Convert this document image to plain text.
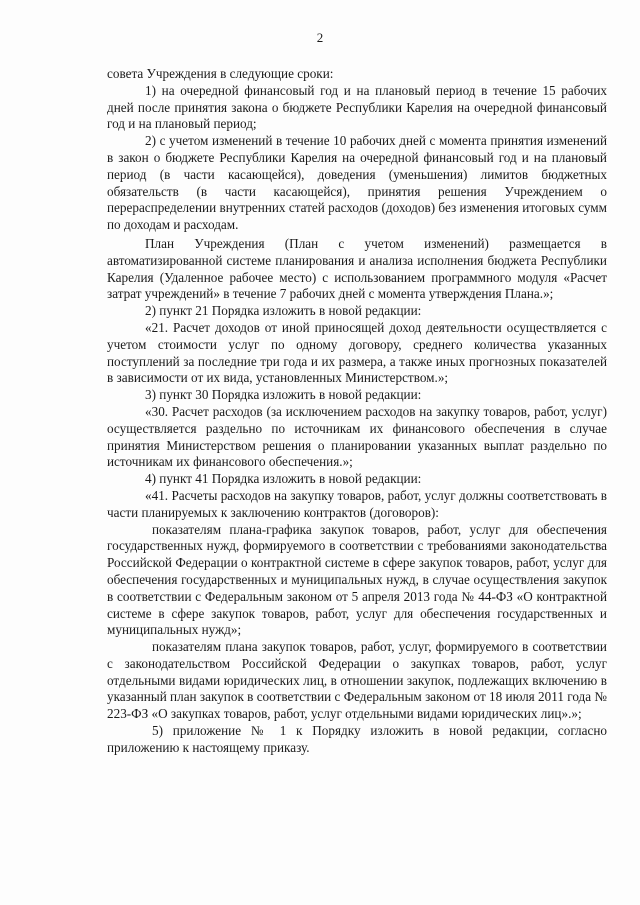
2

совета Учреждения в следующие сроки:

1) на очередной финансовый год и на плановый период в течение 15 рабочих дней после принятия закона о бюджете Республики Карелия на очередной финансовый год и на плановый период;

2) с учетом изменений в течение 10 рабочих дней с момента принятия изменений в закон о бюджете Республики Карелия на очередной финансовый год и на плановый период (в части касающейся), доведения (уменьшения) лимитов бюджетных обязательств (в части касающейся), принятия решения Учреждением о перераспределении внутренних статей расходов (доходов) без изменения итоговых сумм по доходам и расходам.

План Учреждения (План с учетом изменений) размещается в автоматизированной системе планирования и анализа исполнения бюджета Республики Карелия (Удаленное рабочее место) с использованием программного модуля «Расчет затрат учреждений» в течение 7 рабочих дней с момента утверждения Плана.»;

2) пункт 21 Порядка изложить в новой редакции:

«21. Расчет доходов от иной приносящей доход деятельности осуществляется с учетом стоимости услуг по одному договору, среднего количества указанных поступлений за последние три года и их размера, а также иных прогнозных показателей в зависимости от их вида, установленных Министерством.»;

3) пункт 30 Порядка изложить в новой редакции:

«30. Расчет расходов (за исключением расходов на закупку товаров, работ, услуг) осуществляется раздельно по источникам их финансового обеспечения в случае принятия Министерством решения о планировании указанных выплат раздельно по источникам их финансового обеспечения.»;

4) пункт 41 Порядка изложить в новой редакции:

«41. Расчеты расходов на закупку товаров, работ, услуг должны соответствовать в части планируемых к заключению контрактов (договоров):

показателям плана-графика закупок товаров, работ, услуг для обеспечения государственных нужд, формируемого в соответствии с требованиями законодательства Российской Федерации о контрактной системе в сфере закупок товаров, работ, услуг для обеспечения государственных и муниципальных нужд, в случае осуществления закупок в соответствии с Федеральным законом от 5 апреля 2013 года № 44-ФЗ «О контрактной системе в сфере закупок товаров, работ, услуг для обеспечения государственных и муниципальных нужд»;

показателям плана закупок товаров, работ, услуг, формируемого в соответствии с законодательством Российской Федерации о закупках товаров, работ, услуг отдельными видами юридических лиц, в отношении закупок, подлежащих включению в указанный план закупок в соответствии с Федеральным законом от 18 июля 2011 года № 223-ФЗ «О закупках товаров, работ, услуг отдельными видами юридических лиц».»;

5) приложение № 1 к Порядку изложить в новой редакции, согласно приложению к настоящему приказу.
